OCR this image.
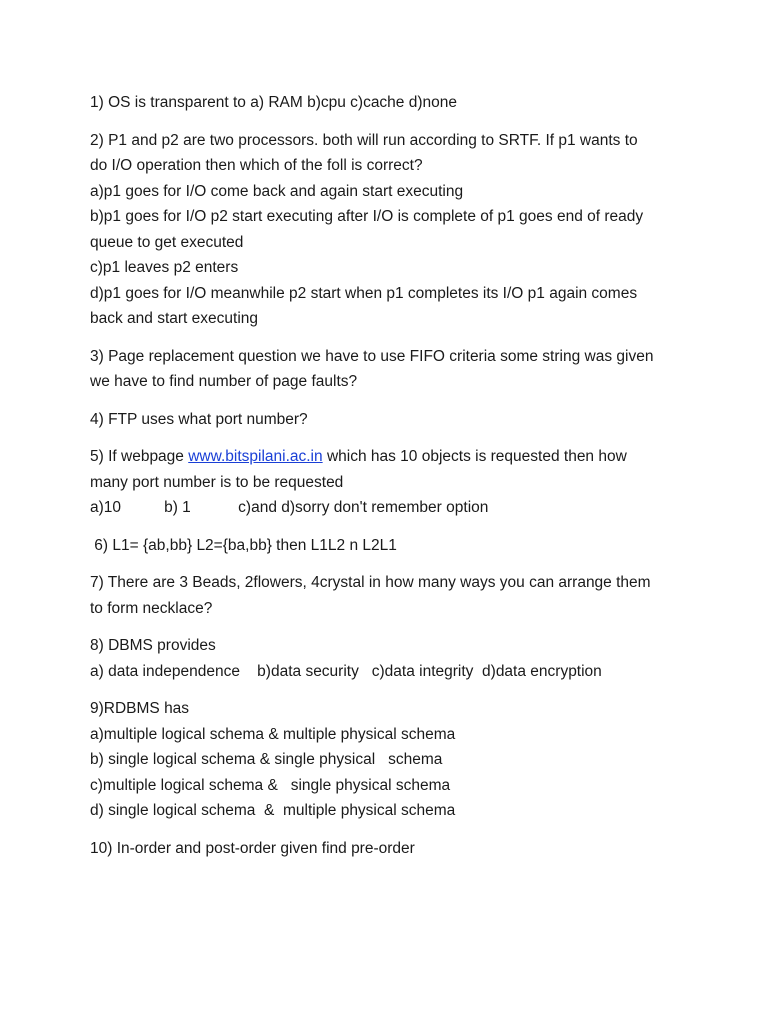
1) OS is transparent to a) RAM b)cpu c)cache d)none

2) P1 and p2 are two processors. both will run according to SRTF. If p1 wants to

do I/O operation then which of the foll is correct?

a)p1 goes for I/O come back and again start executing

b)p1 goes for I/O p2 start executing after I/O is complete of p1 goes end of ready

queue to get executed

c)p1 leaves p2 enters

d)p1 goes for I/O meanwhile p2 start when p1 completes its I/O p1 again comes

back and start executing

3) Page replacement question we have to use FIFO criteria some string was given

we have to find number of page faults?

4) FTP uses what port number?

5) If webpage www.bitspilani.ac.in which has 10 objects is requested then how

many port number is to be requested

a)10          b) 1           c)and d)sorry don't remember option

6) L1= {ab,bb} L2={ba,bb} then L1L2 n L2L1

7) There are 3 Beads, 2flowers, 4crystal in how many ways you can arrange them

to form necklace?

8) DBMS provides

a) data independence    b)data security   c)data integrity  d)data encryption

9)RDBMS has

a)multiple logical schema & multiple physical schema

b) single logical schema & single physical   schema

c)multiple logical schema &   single physical schema

d) single logical schema  &  multiple physical schema

10) In-order and post-order given find pre-order
